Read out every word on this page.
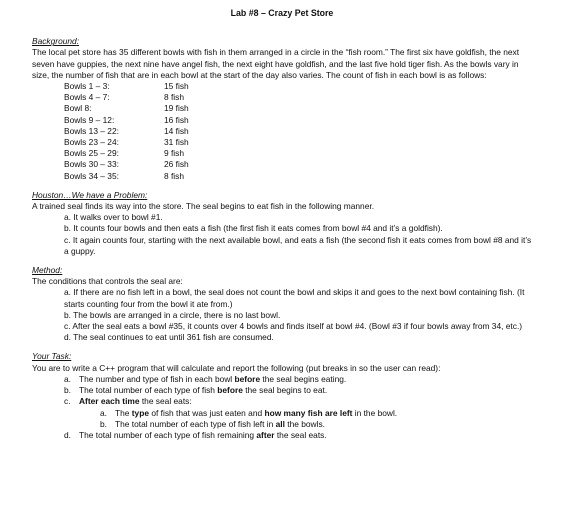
Lab #8 – Crazy Pet Store
Background:

The local pet store has 35 different bowls with fish in them arranged in a circle in the “fish room.” The first six have goldfish, the next seven have guppies, the next nine have angel fish, the next eight have goldfish, and the last five hold tiger fish. As the bowls vary in size, the number of fish that are in each bowl at the start of the day also varies. The count of fish in each bowl is as follows:

Bowls 1 – 3:	15 fish
Bowls 4 – 7:	8 fish
Bowl 8:	19 fish
Bowls 9 – 12:	16 fish
Bowls 13 – 22:	14 fish
Bowls 23 – 24:	31 fish
Bowls 25 – 29:	9 fish
Bowls 30 – 33:	26 fish
Bowls 34 – 35:	8 fish
Houston…We have a Problem:

A trained seal finds its way into the store. The seal begins to eat fish in the following manner.

a. It walks over to bowl #1.

b. It counts four bowls and then eats a fish (the first fish it eats comes from bowl #4 and it’s a goldfish).

c. It again counts four, starting with the next available bowl, and eats a fish (the second fish it eats comes from bowl #8 and it’s a guppy.

Method:

The conditions that controls the seal are:

a. If there are no fish left in a bowl, the seal does not count the bowl and skips it and goes to the next bowl containing fish. (It starts counting four from the bowl it ate from.)

b. The bowls are arranged in a circle, there is no last bowl.

c. After the seal eats a bowl #35, it counts over 4 bowls and finds itself at bowl #4. (Bowl #3 if four bowls away from 34, etc.)

d. The seal continues to eat until 361 fish are consumed.

Your Task:

You are to write a C++ program that will calculate and report the following (put breaks in so the user can read):

a. The number and type of fish in each bowl before the seal begins eating.
b. The total number of each type of fish before the seal begins to eat.
c. After each time the seal eats:
a. The type of fish that was just eaten and how many fish are left in the bowl.
b. The total number of each type of fish left in all the bowls.
d. The total number of each type of fish remaining after the seal eats.
